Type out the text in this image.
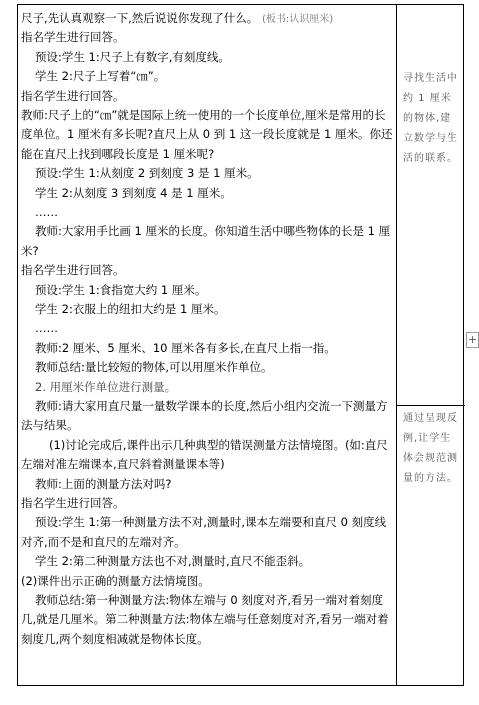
尺子,先认真观察一下,然后说说你发现了什么。 (板书:认识厘米)
指名学生进行回答。
预设:学生 1:尺子上有数字,有刻度线。
学生 2:尺子上写着“㎝”。
指名学生进行回答。
教师:尺子上的“㎝”就是国际上统一使用的一个长度单位,厘米是常用的长度单位。1 厘米有多长呢?直尺上从 0 到 1 这一段长度就是 1 厘米。你还能在直尺上找到哪段长度是 1 厘米呢?
预设:学生 1:从刻度 2 到刻度 3 是 1 厘米。
学生 2:从刻度 3 到刻度 4 是 1 厘米。
……
教师:大家用手比画 1 厘米的长度。你知道生活中哪些物体的长是 1 厘米?
指名学生进行回答。
预设:学生 1:食指宽大约 1 厘米。
学生 2:衣服上的纽扣大约是 1 厘米。
……
教师:2 厘米、5 厘米、10 厘米各有多长,在直尺上指一指。
教师总结:量比较短的物体,可以用厘米作单位。
2. 用厘米作单位进行测量。
教师:请大家用直尺量一量数学课本的长度,然后小组内交流一下测量方法与结果。
(1)讨论完成后,课件出示几种典型的错误测量方法情境图。(如:直尺左端对准左端课本,直尺斜着测量课本等)
教师:上面的测量方法对吗?
指名学生进行回答。
预设:学生 1:第一种测量方法不对,测量时,课本左端要和直尺 0 刻度线对齐,而不是和直尺的左端对齐。
学生 2:第二种测量方法也不对,测量时,直尺不能歪斜。
(2)课件出示正确的测量方法情境图。
教师总结:第一种测量方法:物体左端与 0 刻度对齐,看另一端对着刻度几,就是几厘米。第二种测量方法:物体左端与任意刻度对齐,看另一端对着刻度几,两个刻度相减就是物体长度。
寻找生活中约 1 厘米的物体,建立数学与生活的联系。
通过呈现反例,让学生体会规范测量的方法。
+
